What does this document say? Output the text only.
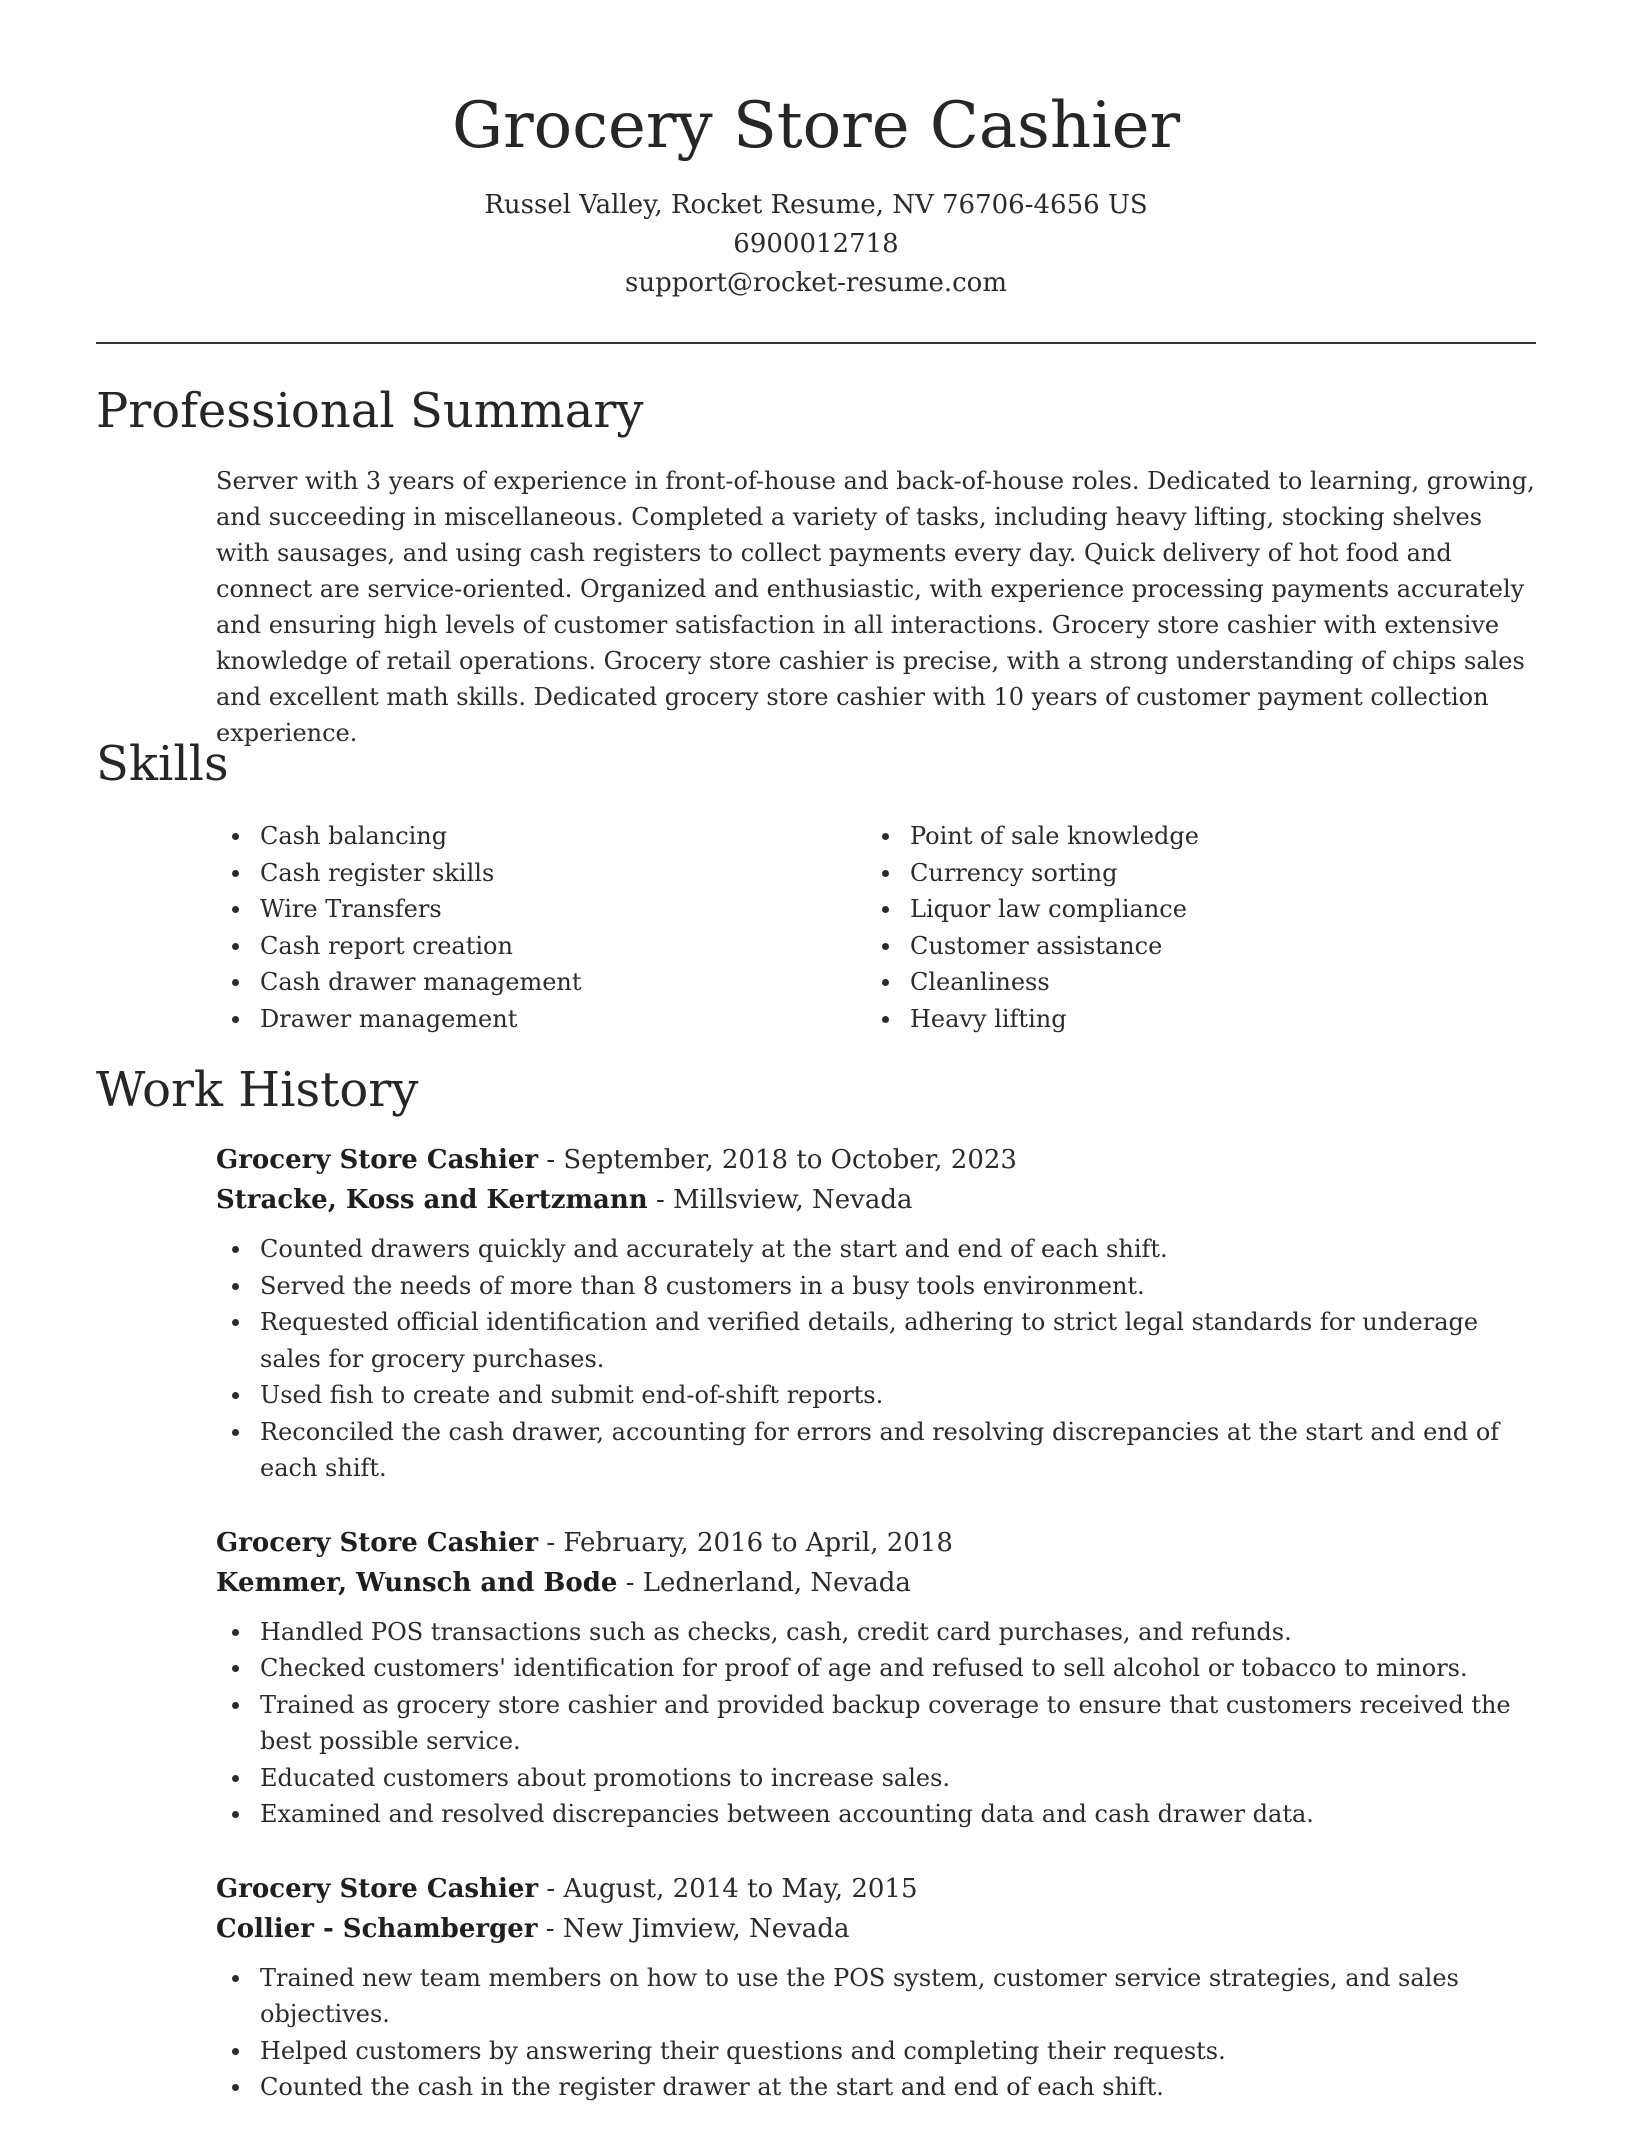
Grocery Store Cashier
Russel Valley, Rocket Resume, NV 76706-4656 US
6900012718
support@rocket-resume.com
Professional Summary
Server with 3 years of experience in front-of-house and back-of-house roles. Dedicated to learning, growing, and succeeding in miscellaneous. Completed a variety of tasks, including heavy lifting, stocking shelves with sausages, and using cash registers to collect payments every day. Quick delivery of hot food and connect are service-oriented. Organized and enthusiastic, with experience processing payments accurately and ensuring high levels of customer satisfaction in all interactions. Grocery store cashier with extensive knowledge of retail operations. Grocery store cashier is precise, with a strong understanding of chips sales and excellent math skills. Dedicated grocery store cashier with 10 years of customer payment collection experience.
Skills
Cash balancing
Cash register skills
Wire Transfers
Cash report creation
Cash drawer management
Drawer management
Point of sale knowledge
Currency sorting
Liquor law compliance
Customer assistance
Cleanliness
Heavy lifting
Work History
Grocery Store Cashier - September, 2018 to October, 2023
Stracke, Koss and Kertzmann - Millsview, Nevada
Counted drawers quickly and accurately at the start and end of each shift.
Served the needs of more than 8 customers in a busy tools environment.
Requested official identification and verified details, adhering to strict legal standards for underage sales for grocery purchases.
Used fish to create and submit end-of-shift reports.
Reconciled the cash drawer, accounting for errors and resolving discrepancies at the start and end of each shift.
Grocery Store Cashier - February, 2016 to April, 2018
Kemmer, Wunsch and Bode - Lednerland, Nevada
Handled POS transactions such as checks, cash, credit card purchases, and refunds.
Checked customers' identification for proof of age and refused to sell alcohol or tobacco to minors.
Trained as grocery store cashier and provided backup coverage to ensure that customers received the best possible service.
Educated customers about promotions to increase sales.
Examined and resolved discrepancies between accounting data and cash drawer data.
Grocery Store Cashier - August, 2014 to May, 2015
Collier - Schamberger - New Jimview, Nevada
Trained new team members on how to use the POS system, customer service strategies, and sales objectives.
Helped customers by answering their questions and completing their requests.
Counted the cash in the register drawer at the start and end of each shift.
